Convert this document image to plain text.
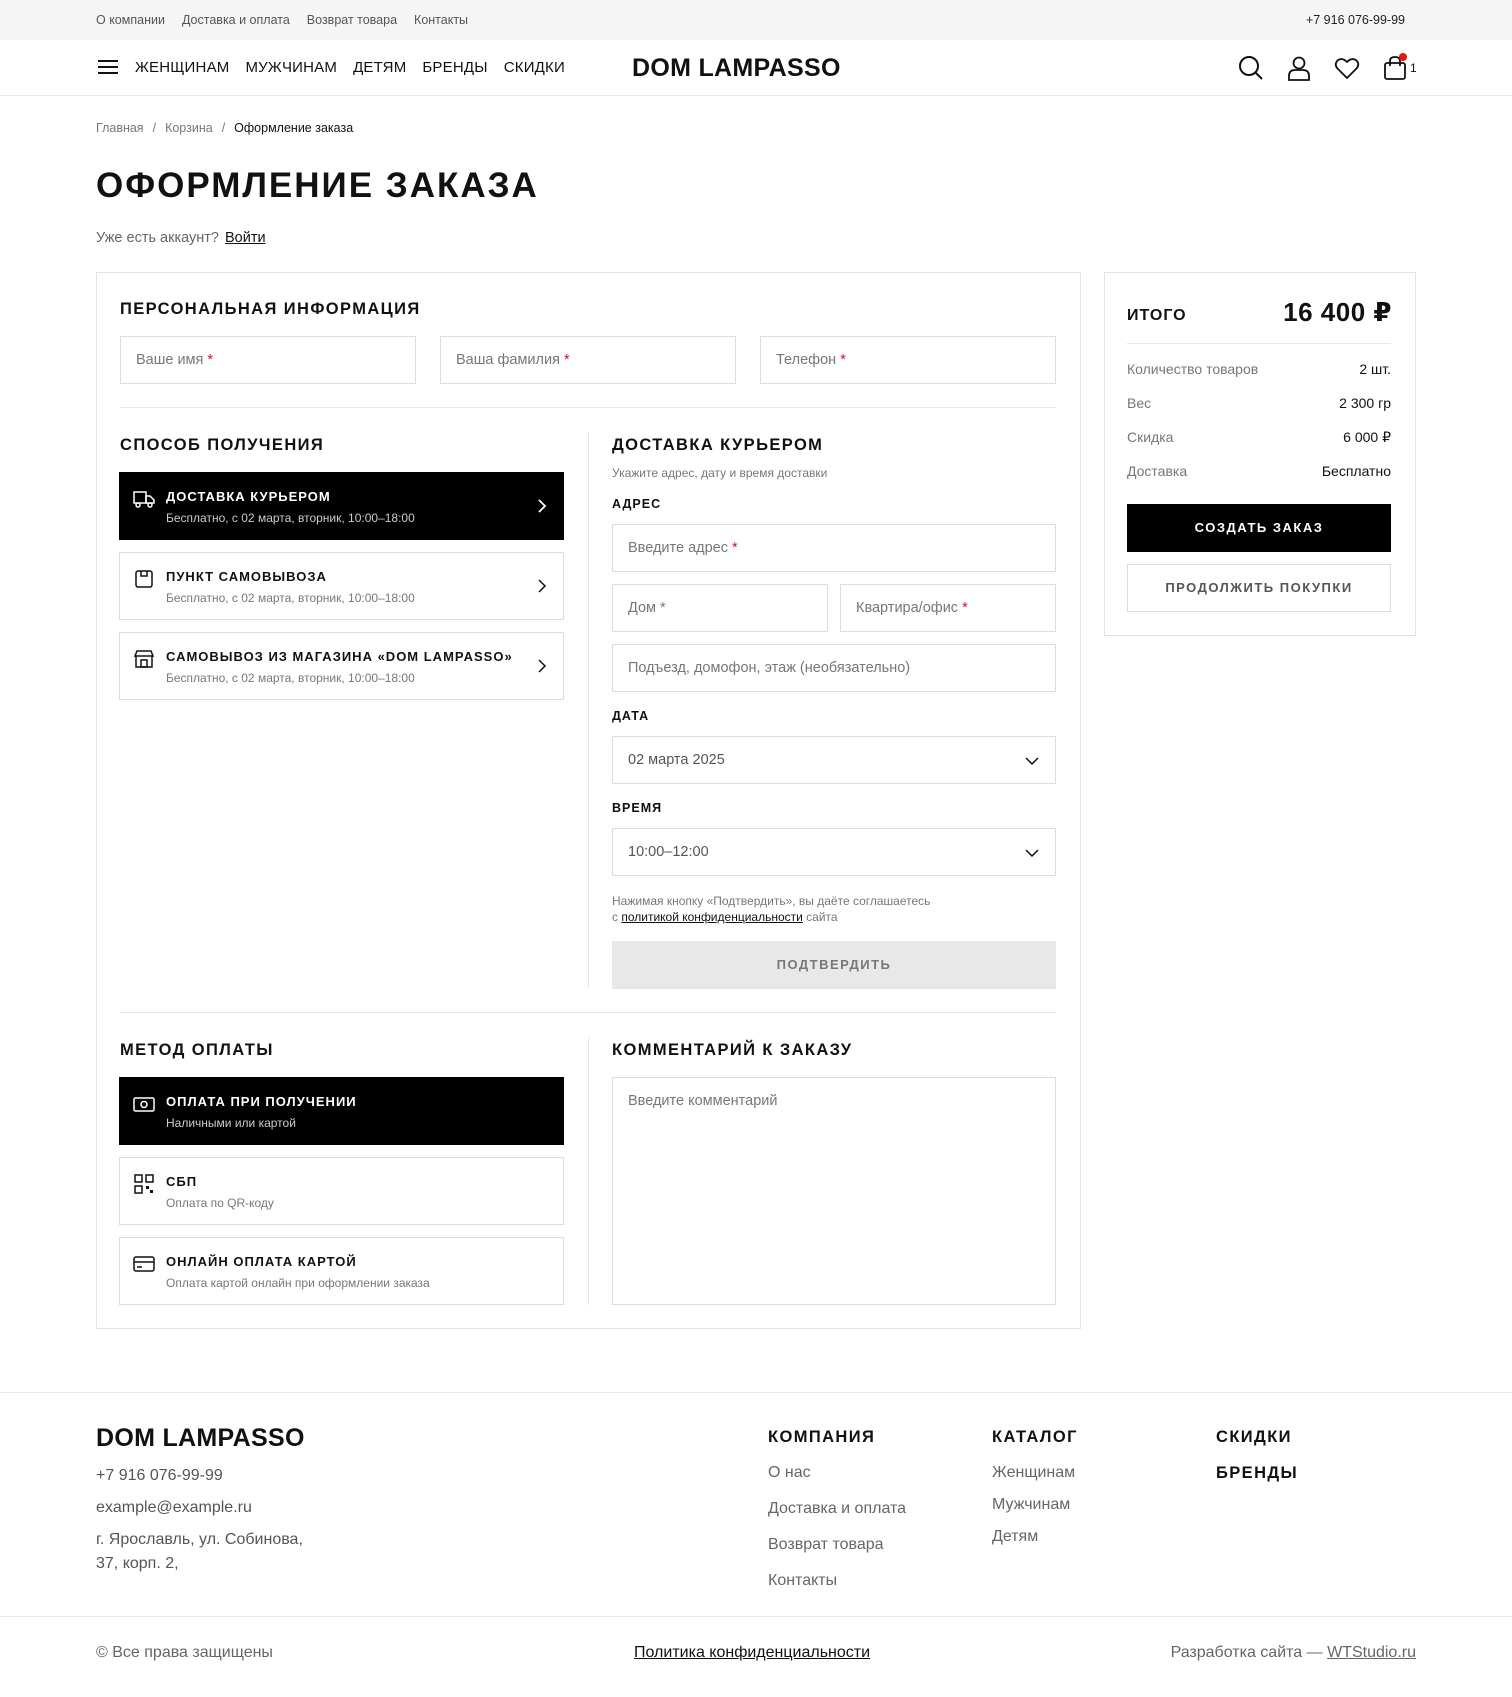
О компании Доставка и оплата Возврат товара Контакты	+7 916 076-99-99
ЖЕНЩИНАМ МУЖЧИНАМ ДЕТЯМ БРЕНДЫ СКИДКИ	DOM LAMPASSO	1
Главная / Корзина / Оформление заказа
ОФОРМЛЕНИЕ ЗАКАЗА
Уже есть аккаунт? Войти
ПЕРСОНАЛЬНАЯ ИНФОРМАЦИЯ
Ваше имя *	Ваша фамилия *	Телефон *
СПОСОБ ПОЛУЧЕНИЯ
ДОСТАВКА КУРЬЕРОМ
Бесплатно, с 02 марта, вторник, 10:00–18:00
ПУНКТ САМОВЫВОЗА
Бесплатно, с 02 марта, вторник, 10:00–18:00
САМОВЫВОЗ ИЗ МАГАЗИНА «DOM LAMPASSO»
Бесплатно, с 02 марта, вторник, 10:00–18:00
ДОСТАВКА КУРЬЕРОМ
Укажите адрес, дату и время доставки
АДРЕС
Введите адрес *
Дом *	Квартира/офис *
Подъезд, домофон, этаж (необязательно)
ДАТА
02 марта 2025
ВРЕМЯ
10:00–12:00
Нажимая кнопку «Подтвердить», вы даёте соглашаетесь
с политикой конфиденциальности сайта
ПОДТВЕРДИТЬ
МЕТОД ОПЛАТЫ
ОПЛАТА ПРИ ПОЛУЧЕНИИ
Наличными или картой
СБП
Оплата по QR-коду
ОНЛАЙН ОПЛАТА КАРТОЙ
Оплата картой онлайн при оформлении заказа
КОММЕНТАРИЙ К ЗАКАЗУ
Введите комментарий
ИТОГО	16 400 ₽
Количество товаров	2 шт.
Вес	2 300 гр
Скидка	6 000 ₽
Доставка	Бесплатно
СОЗДАТЬ ЗАКАЗ
ПРОДОЛЖИТЬ ПОКУПКИ
DOM LAMPASSO
+7 916 076-99-99
example@example.ru
г. Ярославль, ул. Собинова,
37, корп. 2,
КОМПАНИЯ
О нас
Доставка и оплата
Возврат товара
Контакты
КАТАЛОГ
Женщинам
Мужчинам
Детям
СКИДКИ
БРЕНДЫ
© Все права защищены	Политика конфиденциальности	Разработка сайта — WTStudio.ru
